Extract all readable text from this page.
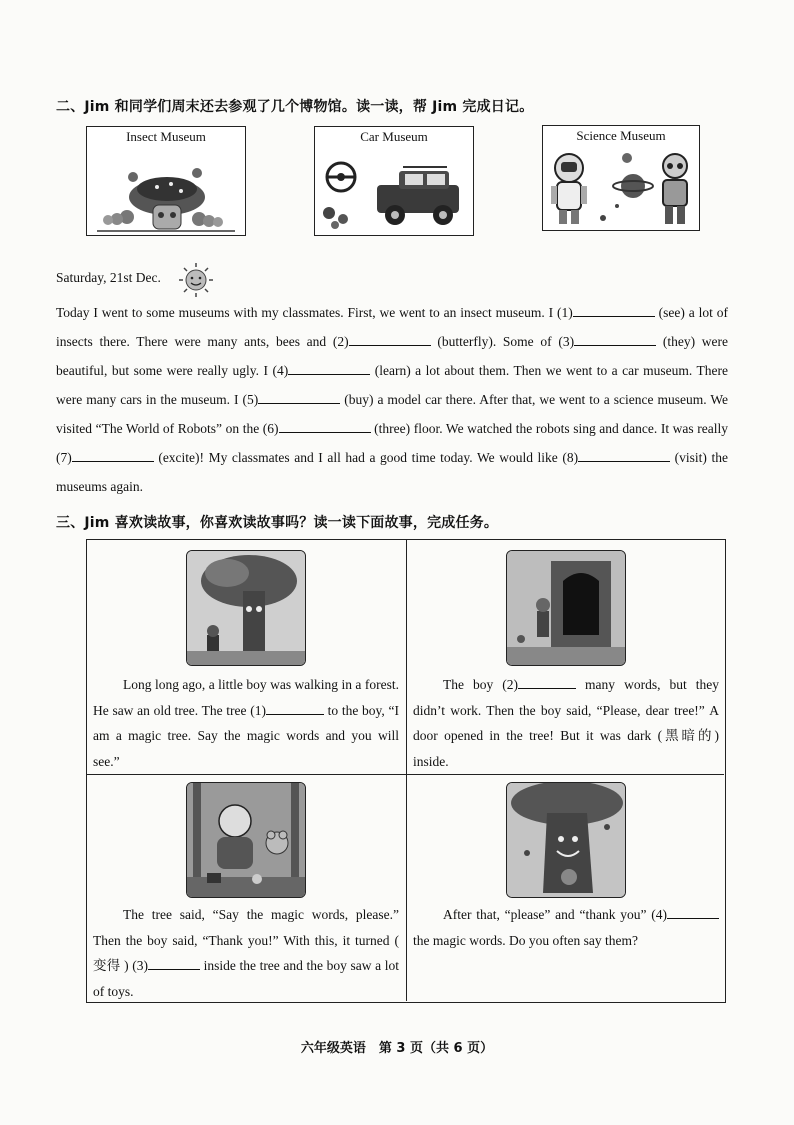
二、Jim 和同学们周末还去参观了几个博物馆。读一读，帮 Jim 完成日记。
Insect Museum	Car Museum	Science Museum
Saturday, 21st Dec.
Today I went to some museums with my classmates. First, we went to an insect museum. I (1)	(see) a lot of insects there. There were many ants, bees and (2)	(butterfly). Some of (3)	(they) were beautiful, but some were really ugly. I (4)	(learn) a lot about them. Then we went to a car museum. There were many cars in the museum. I (5)	(buy) a model car there. After that, we went to a science museum. We visited “The World of Robots” on the (6)	(three) floor. We watched the robots sing and dance. It was really (7)	(excite)! My classmates and I all had a good time today. We would like (8)	(visit) the museums again.
三、Jim 喜欢读故事，你喜欢读故事吗？读一读下面故事，完成任务。
Long long ago, a little boy was walking in a forest. He saw an old tree. The tree (1)	to the boy, “I am a magic tree. Say the magic words and you will see.”
The boy (2)	many words, but they didn’t work. Then the boy said, “Please, dear tree!” A door opened in the tree! But it was dark (黑暗的) inside.
The tree said, “Say the magic words, please.” Then the boy said, “Thank you!” With this, it turned ( 变得 ) (3)	inside the tree and the boy saw a lot of toys.
After that, “please” and “thank you” (4) the magic words. Do you often say them?
六年级英语　第 3 页（共 6 页）
